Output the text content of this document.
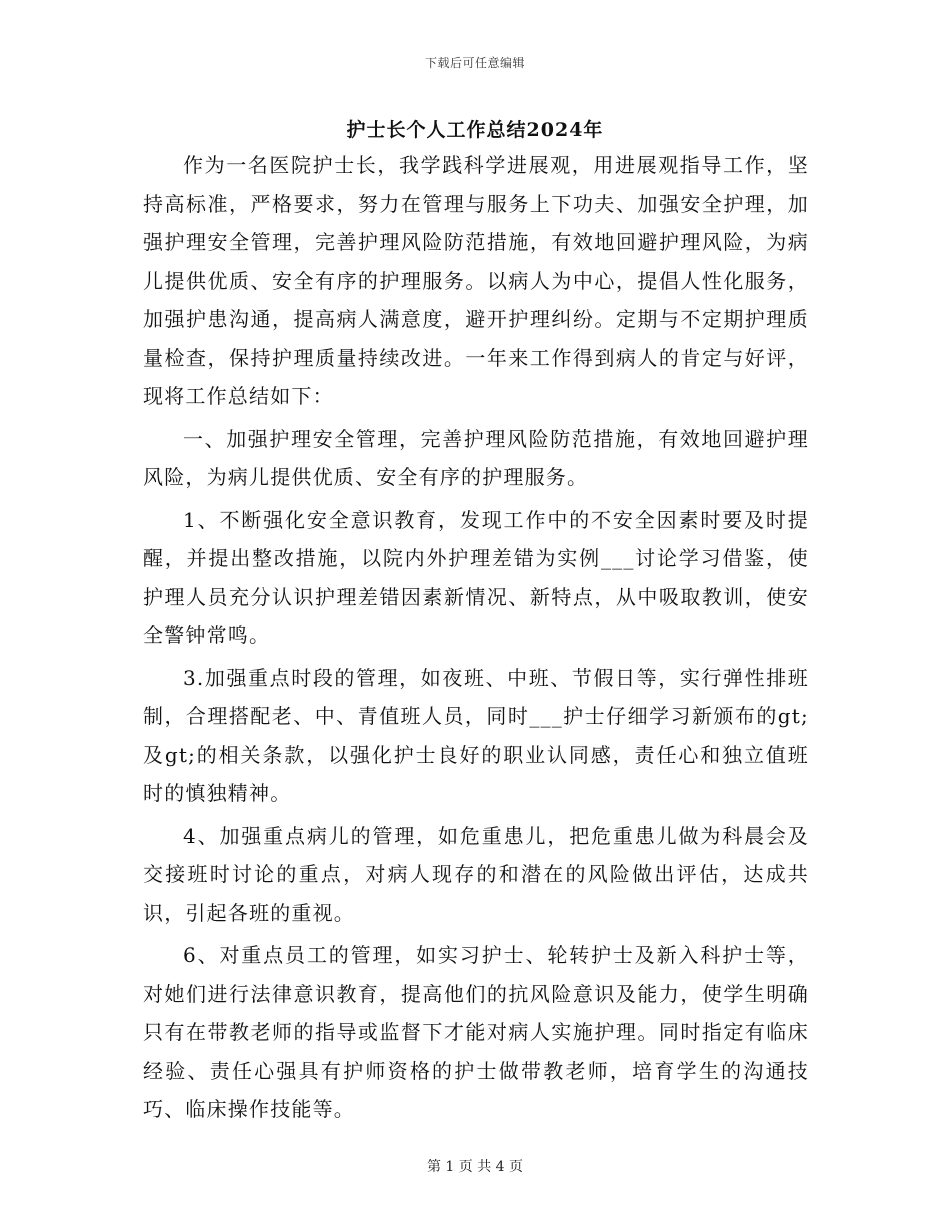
下载后可任意编辑
护士长个人工作总结2024年

作为一名医院护士长，我学践科学进展观，用进展观指导工作，坚持高标准，严格要求，努力在管理与服务上下功夫、加强安全护理，加强护理安全管理，完善护理风险防范措施，有效地回避护理风险，为病儿提供优质、安全有序的护理服务。以病人为中心，提倡人性化服务，加强护患沟通，提高病人满意度，避开护理纠纷。定期与不定期护理质量检查，保持护理质量持续改进。一年来工作得到病人的肯定与好评，现将工作总结如下：

一、加强护理安全管理，完善护理风险防范措施，有效地回避护理风险，为病儿提供优质、安全有序的护理服务。

1、不断强化安全意识教育，发现工作中的不安全因素时要及时提醒，并提出整改措施，以院内外护理差错为实例___讨论学习借鉴，使护理人员充分认识护理差错因素新情况、新特点，从中吸取教训，使安全警钟常鸣。

3.加强重点时段的管理，如夜班、中班、节假日等，实行弹性排班制，合理搭配老、中、青值班人员，同时___护士仔细学习新颁布的gt;及gt;的相关条款，以强化护士良好的职业认同感，责任心和独立值班时的慎独精神。

4、加强重点病儿的管理，如危重患儿，把危重患儿做为科晨会及交接班时讨论的重点，对病人现存的和潜在的风险做出评估，达成共识，引起各班的重视。

6、对重点员工的管理，如实习护士、轮转护士及新入科护士等，对她们进行法律意识教育，提高他们的抗风险意识及能力，使学生明确只有在带教老师的指导或监督下才能对病人实施护理。同时指定有临床经验、责任心强具有护师资格的护士做带教老师，培育学生的沟通技巧、临床操作技能等。

第 1 页 共 4 页
